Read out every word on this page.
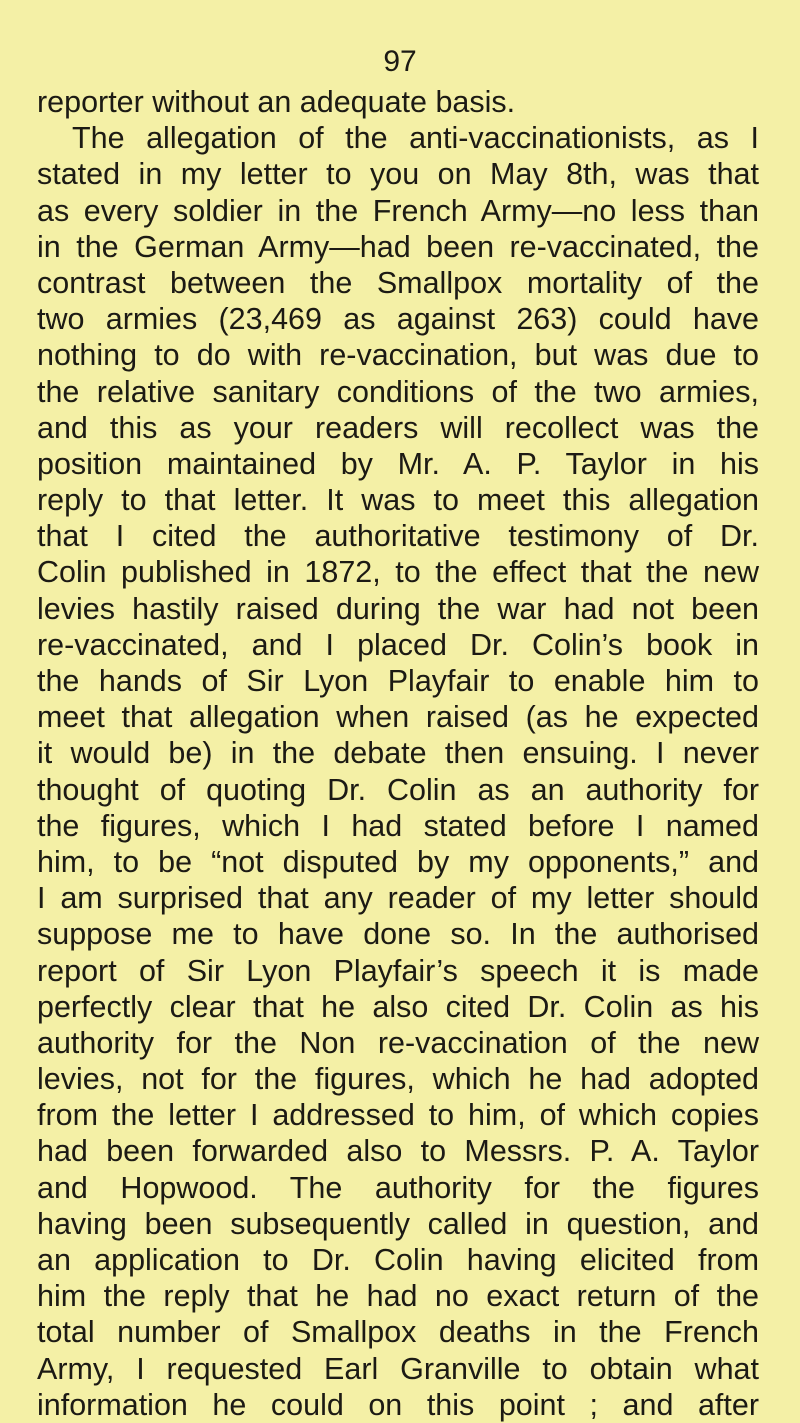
97
reporter without an adequate basis.
The allegation of the anti-vaccinationists, as I
stated in my letter to you on May 8th, was that
as every soldier in the French Army—no less than
in the German Army—had been re-vaccinated, the
contrast between the Smallpox mortality of the
two armies (23,469 as against 263) could have
nothing to do with re-vaccination, but was due to
the relative sanitary conditions of the two armies,
and this as your readers will recollect was the
position maintained by Mr. A. P. Taylor in his
reply to that letter. It was to meet this allegation
that I cited the authoritative testimony of Dr.
Colin published in 1872, to the effect that the new
levies hastily raised during the war had not been
re-vaccinated, and I placed Dr. Colin’s book in
the hands of Sir Lyon Playfair to enable him to
meet that allegation when raised (as he expected
it would be) in the debate then ensuing. I never
thought of quoting Dr. Colin as an authority for
the figures, which I had stated before I named
him, to be “not disputed by my opponents,” and
I am surprised that any reader of my letter should
suppose me to have done so. In the authorised
report of Sir Lyon Playfair’s speech it is made
perfectly clear that he also cited Dr. Colin as his
authority for the Non re-vaccination of the new
levies, not for the figures, which he had adopted
from the letter I addressed to him, of which copies
had been forwarded also to Messrs. P. A. Taylor
and Hopwood. The authority for the figures
having been subsequently called in question, and
an application to Dr. Colin having elicited from
him the reply that he had no exact return of the
total number of Smallpox deaths in the French
Army, I requested Earl Granville to obtain what
information he could on this point ; and after
